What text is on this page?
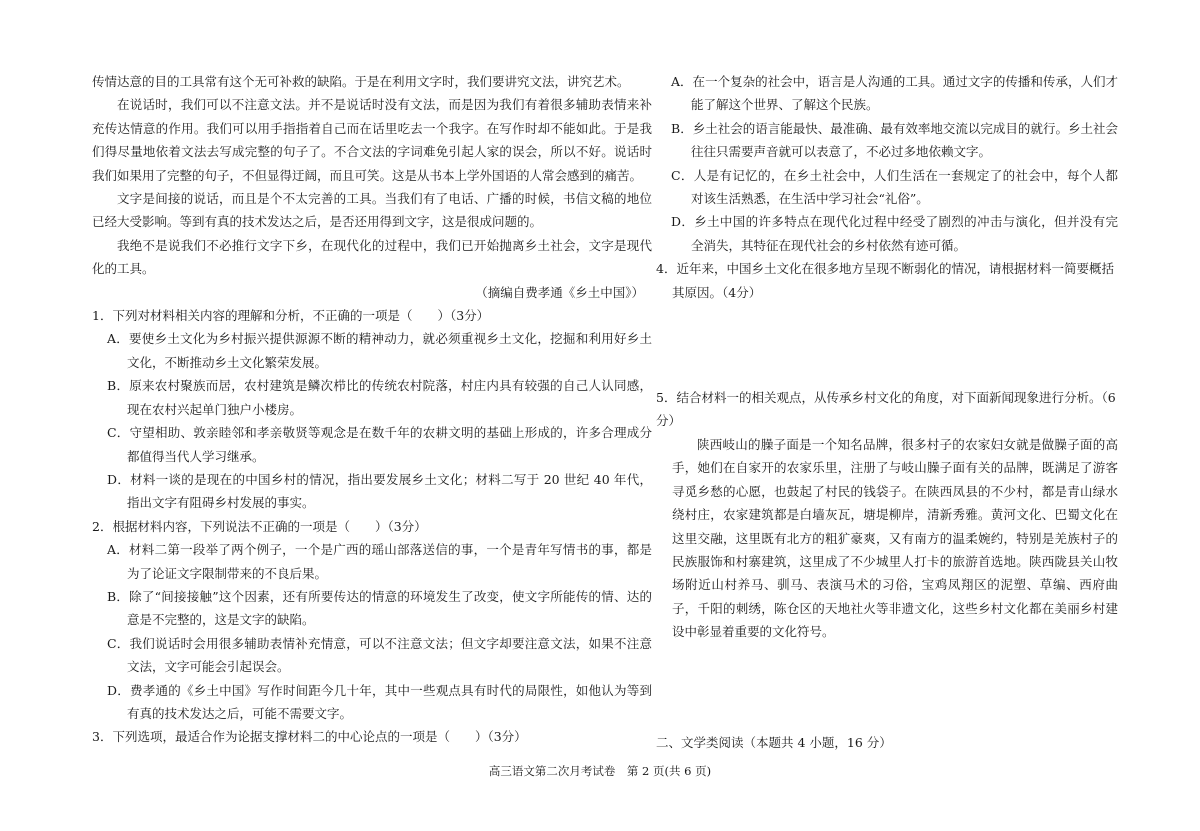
传情达意的目的工具常有这个无可补救的缺陷。于是在利用文字时，我们要讲究文法，讲究艺术。

在说话时，我们可以不注意文法。并不是说话时没有文法，而是因为我们有着很多辅助表情来补充传达情意的作用。我们可以用手指指着自己而在话里吃去一个我字。在写作时却不能如此。于是我们得尽量地依着文法去写成完整的句子了。不合文法的字词难免引起人家的误会，所以不好。说话时我们如果用了完整的句子，不但显得迂阔，而且可笑。这是从书本上学外国语的人常会感到的痛苦。

文字是间接的说话，而且是个不太完善的工具。当我们有了电话、广播的时候，书信文稿的地位已经大受影响。等到有真的技术发达之后，是否还用得到文字，这是很成问题的。

我绝不是说我们不必推行文字下乡，在现代化的过程中，我们已开始抛离乡土社会，文字是现代化的工具。

（摘编自费孝通《乡土中国》）

1．下列对材料相关内容的理解和分析，不正确的一项是（　　）（3分）

A．要使乡土文化为乡村振兴提供源源不断的精神动力，就必须重视乡土文化，挖掘和利用好乡土文化，不断推动乡土文化繁荣发展。

B．原来农村聚族而居，农村建筑是鳞次栉比的传统农村院落，村庄内具有较强的自己人认同感，现在农村兴起单门独户小楼房。

C．守望相助、敦亲睦邻和孝亲敬贤等观念是在数千年的农耕文明的基础上形成的，许多合理成分都值得当代人学习继承。

D．材料一谈的是现在的中国乡村的情况，指出要发展乡土文化；材料二写于 20 世纪 40 年代，指出文字有阻碍乡村发展的事实。

2．根据材料内容，下列说法不正确的一项是（　　）（3分）

A．材料二第一段举了两个例子，一个是广西的瑶山部落送信的事，一个是青年写情书的事，都是为了论证文字限制带来的不良后果。

B．除了“间接接触”这个因素，还有所要传达的情意的环境发生了改变，使文字所能传的情、达的意是不完整的，这是文字的缺陷。

C．我们说话时会用很多辅助表情补充情意，可以不注意文法；但文字却要注意文法，如果不注意文法，文字可能会引起误会。

D．费孝通的《乡土中国》写作时间距今几十年，其中一些观点具有时代的局限性，如他认为等到有真的技术发达之后，可能不需要文字。

3．下列选项，最适合作为论据支撑材料二的中心论点的一项是（　　）（3分）

A．在一个复杂的社会中，语言是人沟通的工具。通过文字的传播和传承，人们才能了解这个世界、了解这个民族。

B．乡土社会的语言能最快、最准确、最有效率地交流以完成目的就行。乡土社会往往只需要声音就可以表意了，不必过多地依赖文字。

C．人是有记忆的，在乡土社会中，人们生活在一套规定了的社会中，每个人都对该生活熟悉，在生活中学习社会“礼俗”。

D．乡土中国的许多特点在现代化过程中经受了剧烈的冲击与演化，但并没有完全消失，其特征在现代社会的乡村依然有迹可循。

4．近年来，中国乡土文化在很多地方呈现不断弱化的情况，请根据材料一简要概括其原因。（4分）

5．结合材料一的相关观点，从传承乡村文化的角度，对下面新闻现象进行分析。（6分）

陕西岐山的臊子面是一个知名品牌，很多村子的农家妇女就是做臊子面的高手，她们在自家开的农家乐里，注册了与岐山臊子面有关的品牌，既满足了游客寻觅乡愁的心愿，也鼓起了村民的钱袋子。在陕西凤县的不少村，都是青山绿水绕村庄，农家建筑都是白墙灰瓦，塘堤柳岸，清新秀雅。黄河文化、巴蜀文化在这里交融，这里既有北方的粗犷豪爽，又有南方的温柔婉约，特别是羌族村子的民族服饰和村寨建筑，这里成了不少城里人打卡的旅游首选地。陕西陇县关山牧场附近山村养马、驯马、表演马术的习俗，宝鸡凤翔区的泥塑、草编、西府曲子，千阳的刺绣，陈仓区的天地社火等非遗文化，这些乡村文化都在美丽乡村建设中彰显着重要的文化符号。

二、文学类阅读（本题共 4 小题，16 分）

高三语文第二次月考试卷　第 2 页(共 6 页)
